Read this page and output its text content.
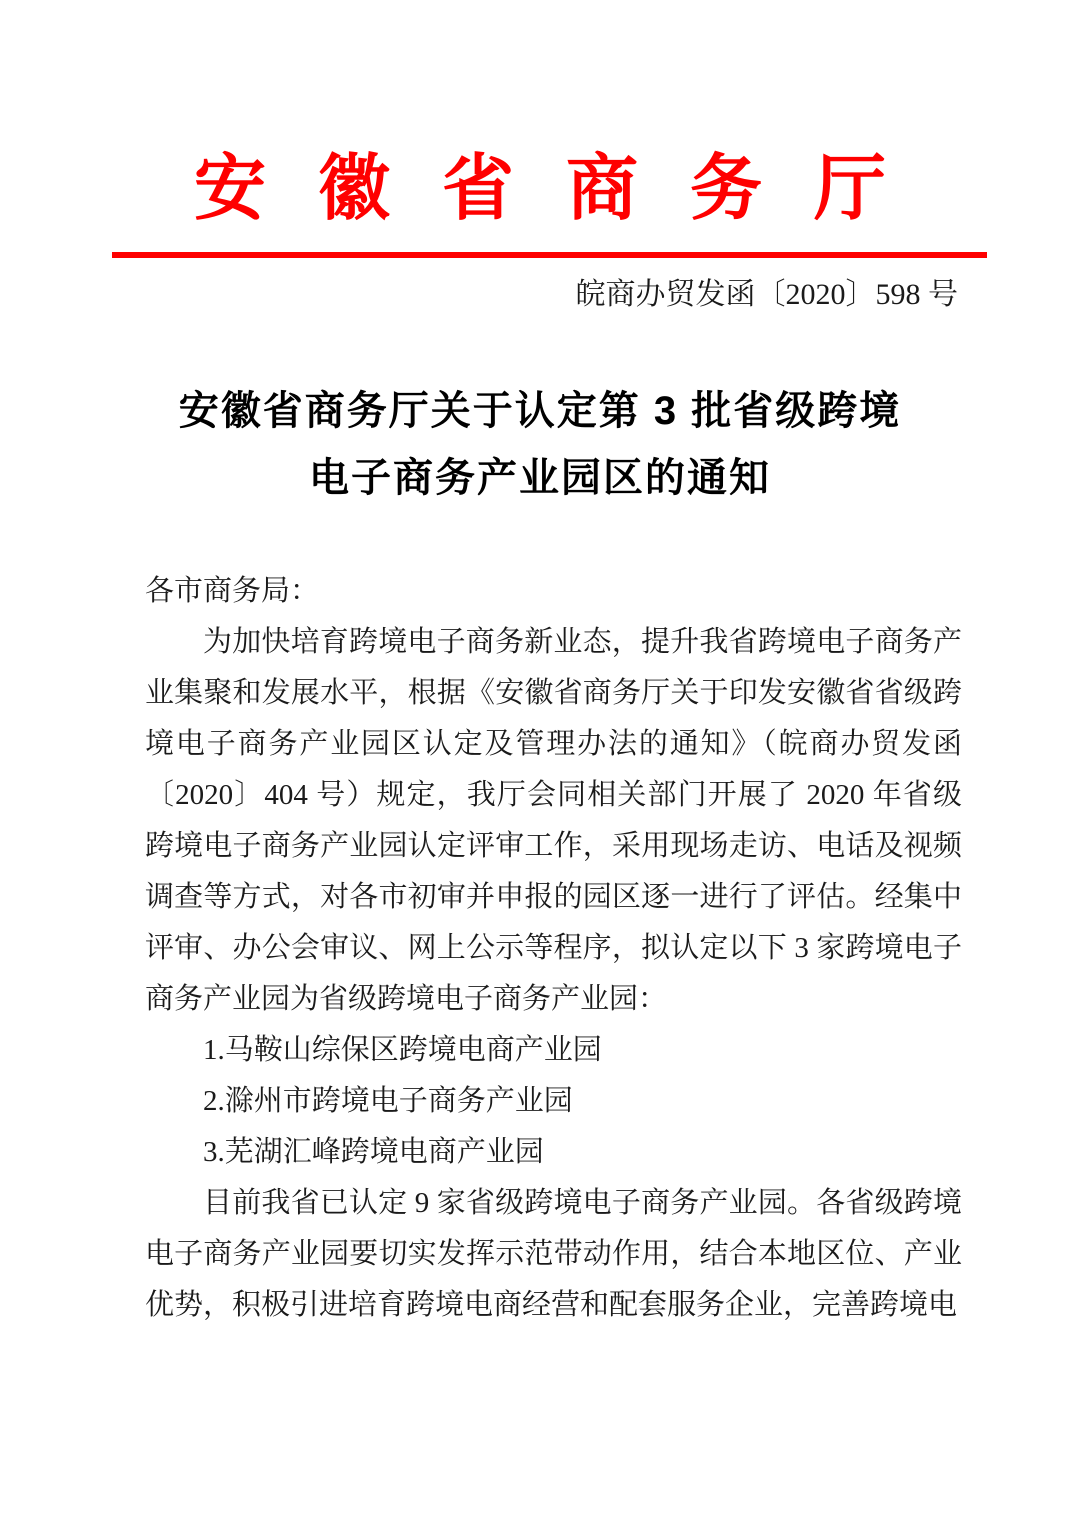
安徽省商务厅
皖商办贸发函〔2020〕598 号
安徽省商务厅关于认定第 3 批省级跨境
电子商务产业园区的通知

各市商务局：

为加快培育跨境电子商务新业态，提升我省跨境电子商务产业集聚和发展水平，根据《安徽省商务厅关于印发安徽省省级跨境电子商务产业园区认定及管理办法的通知》（皖商办贸发函〔2020〕404 号）规定，我厅会同相关部门开展了 2020 年省级跨境电子商务产业园认定评审工作，采用现场走访、电话及视频调查等方式，对各市初审并申报的园区逐一进行了评估。经集中评审、办公会审议、网上公示等程序，拟认定以下 3 家跨境电子商务产业园为省级跨境电子商务产业园：

1.马鞍山综保区跨境电商产业园
2.滁州市跨境电子商务产业园
3.芜湖汇峰跨境电商产业园

目前我省已认定 9 家省级跨境电子商务产业园。各省级跨境电子商务产业园要切实发挥示范带动作用，结合本地区位、产业优势，积极引进培育跨境电商经营和配套服务企业，完善跨境电
